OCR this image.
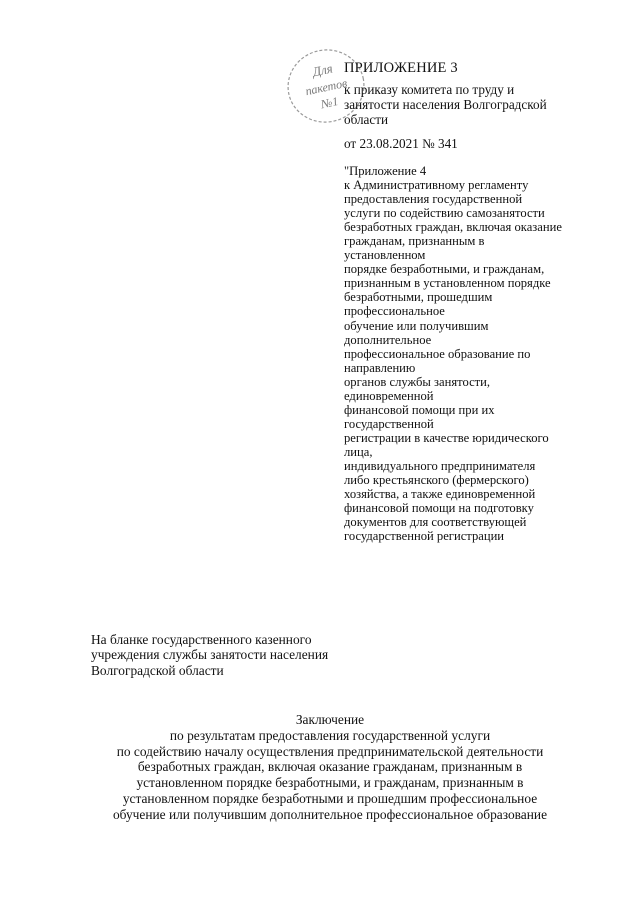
Для
пакетов
№1
ПРИЛОЖЕНИЕ 3
к приказу комитета по труду и
занятости населения Волгоградской
области
от 23.08.2021 № 341
"Приложение 4
к Административному регламенту
предоставления государственной
услуги по содействию самозанятости
безработных граждан, включая оказание
гражданам, признанным в
установленном
порядке безработными, и гражданам,
признанным в установленном порядке
безработными, прошедшим
профессиональное
обучение или получившим
дополнительное
профессиональное образование по
направлению
органов службы занятости,
единовременной
финансовой помощи при их
государственной
регистрации в качестве юридического
лица,
индивидуального предпринимателя
либо крестьянского (фермерского)
хозяйства, а также единовременной
финансовой помощи на подготовку
документов для соответствующей
государственной регистрации
На бланке государственного казенного
учреждения службы занятости населения
Волгоградской области
Заключение
по результатам предоставления государственной услуги
по содействию началу осуществления предпринимательской деятельности
безработных граждан, включая оказание гражданам, признанным в
установленном порядке безработными, и гражданам, признанным в
установленном порядке безработными и прошедшим профессиональное
обучение или получившим дополнительное профессиональное образование
